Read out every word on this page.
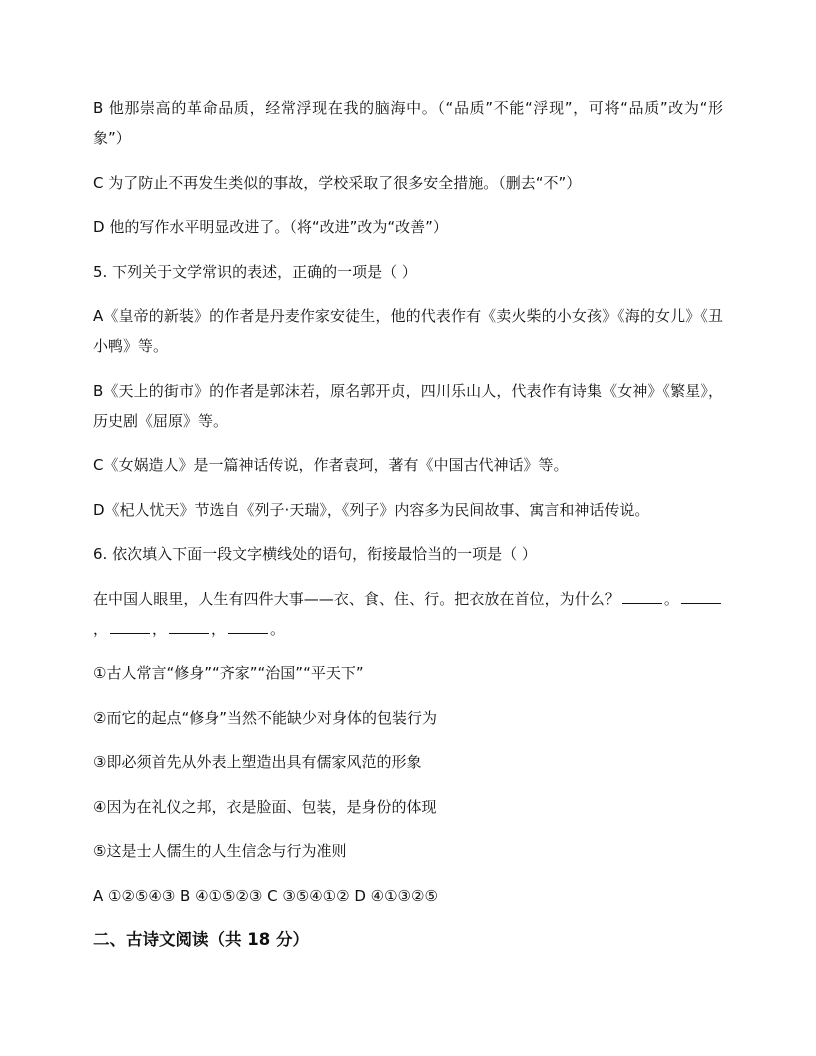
B 他那崇高的革命品质，经常浮现在我的脑海中。（“品质”不能“浮现”，可将“品质”改为“形象”）

C 为了防止不再发生类似的事故，学校采取了很多安全措施。（删去“不”）

D 他的写作水平明显改进了。（将“改进”改为“改善”）

5. 下列关于文学常识的表述，正确的一项是（ ）

A《皇帝的新装》的作者是丹麦作家安徒生，他的代表作有《卖火柴的小女孩》《海的女儿》《丑小鸭》等。

B《天上的街市》的作者是郭沫若，原名郭开贞，四川乐山人，代表作有诗集《女神》《繁星》，历史剧《屈原》等。

C《女娲造人》是一篇神话传说，作者袁珂，著有《中国古代神话》等。

D《杞人忧天》节选自《列子·天瑞》，《列子》内容多为民间故事、寓言和神话传说。

6. 依次填入下面一段文字横线处的语句，衔接最恰当的一项是（ ）

在中国人眼里，人生有四件大事——衣、食、住、行。把衣放在首位，为什么？	。，	，	，	。

①古人常言“修身”“齐家”“治国”“平天下”

②而它的起点“修身”当然不能缺少对身体的包装行为

③即必须首先从外表上塑造出具有儒家风范的形象

④因为在礼仪之邦，衣是脸面、包装，是身份的体现

⑤这是士人儒生的人生信念与行为准则

A ①②⑤④③ B ④①⑤②③ C ③⑤④①② D ④①③②⑤

二、古诗文阅读（共 18 分）
